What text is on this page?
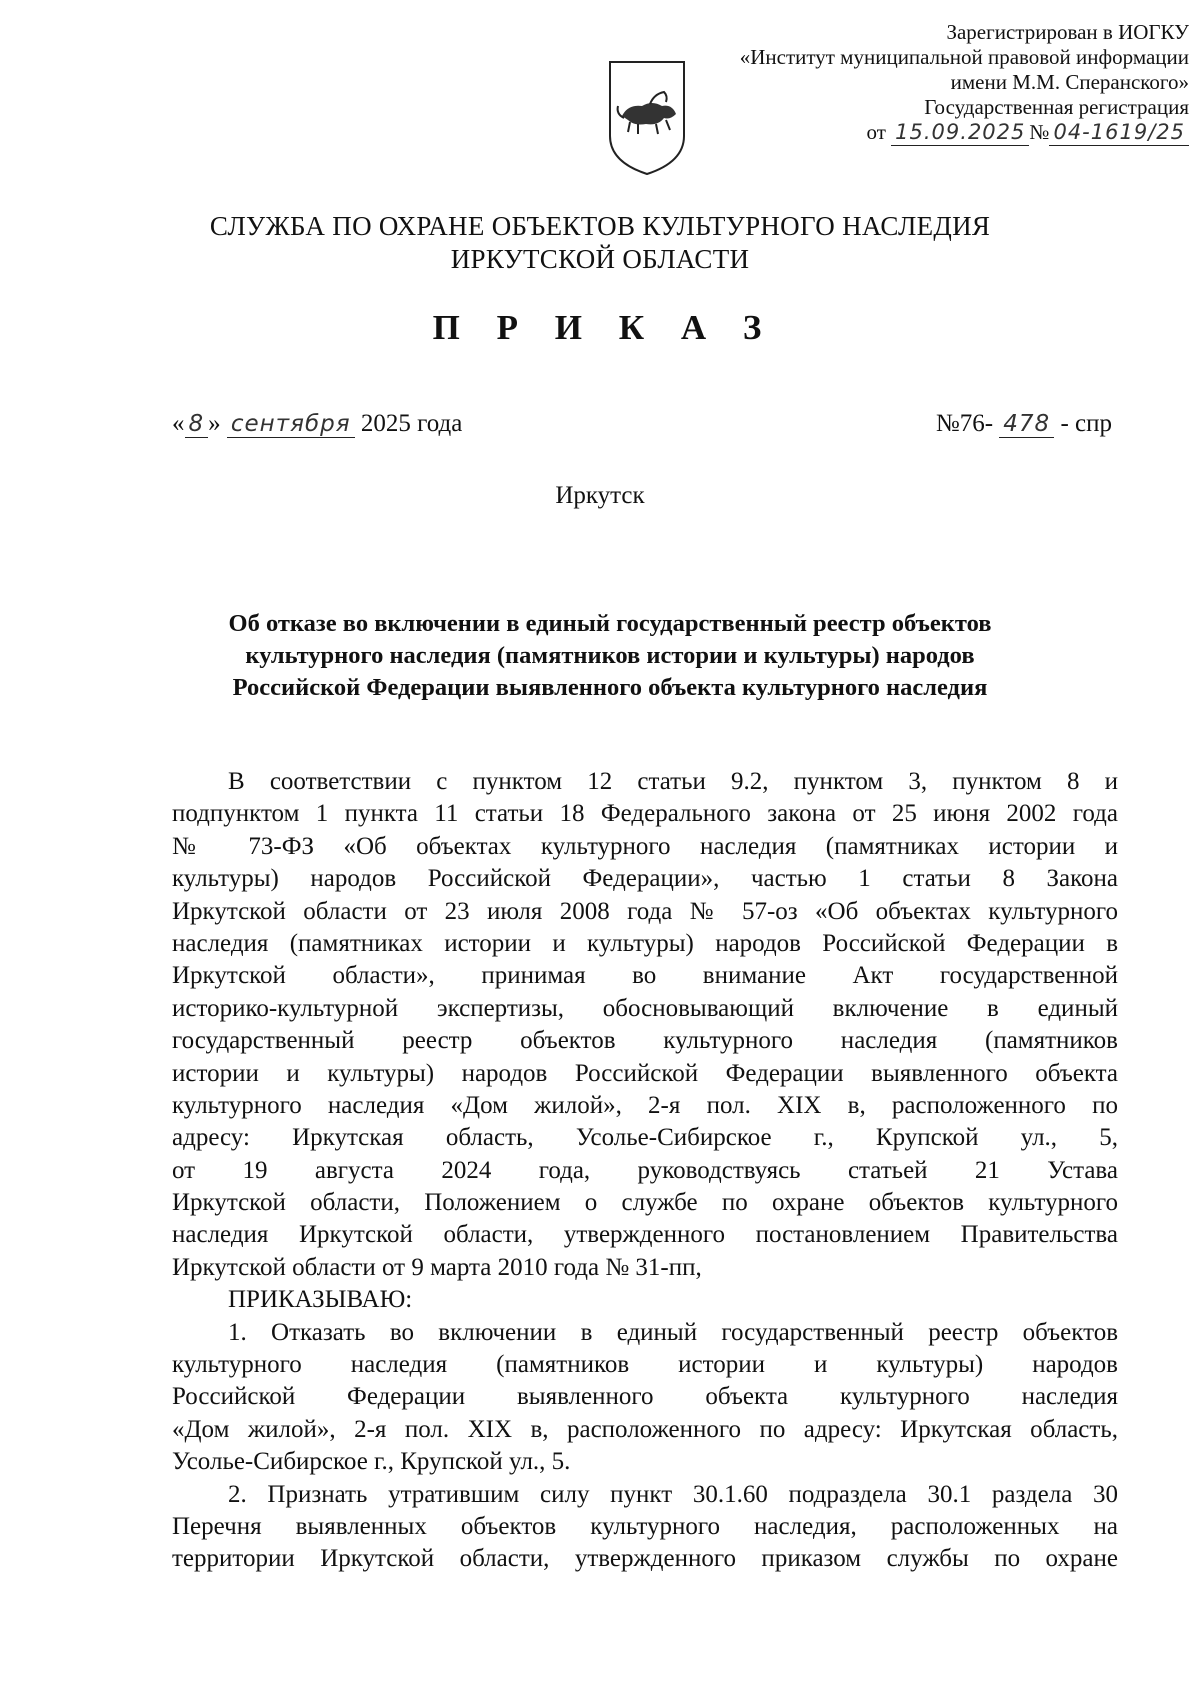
Зарегистрирован в ИОГКУ
«Институт муниципальной правовой информации
имени М.М. Сперанского»
Государственная регистрация
от 15.09.2025 № 04-1619/25
СЛУЖБА ПО ОХРАНЕ ОБЪЕКТОВ КУЛЬТУРНОГО НАСЛЕДИЯ
ИРКУТСКОЙ ОБЛАСТИ
П Р И К А З
« 8 » сентября 2025 года	№76- 478 - спр
Иркутск
Об отказе во включении в единый государственный реестр объектов
культурного наследия (памятников истории и культуры) народов
Российской Федерации выявленного объекта культурного наследия
В соответствии с пунктом 12 статьи 9.2, пунктом 3, пунктом 8 и
подпунктом 1 пункта 11 статьи 18 Федерального закона от 25 июня 2002 года
№ 73-ФЗ «Об объектах культурного наследия (памятниках истории и
культуры) народов Российской Федерации», частью 1 статьи 8 Закона
Иркутской области от 23 июля 2008 года № 57-оз «Об объектах культурного
наследия (памятниках истории и культуры) народов Российской Федерации в
Иркутской области», принимая во внимание Акт государственной
историко-культурной экспертизы, обосновывающий включение в единый
государственный реестр объектов культурного наследия (памятников
истории и культуры) народов Российской Федерации выявленного объекта
культурного наследия «Дом жилой», 2-я пол. XIX в, расположенного по
адресу: Иркутская область, Усолье-Сибирское г., Крупской ул., 5,
от 19 августа 2024 года, руководствуясь статьей 21 Устава
Иркутской области, Положением о службе по охране объектов культурного
наследия Иркутской области, утвержденного постановлением Правительства
Иркутской области от 9 марта 2010 года № 31-пп,
ПРИКАЗЫВАЮ:
1. Отказать во включении в единый государственный реестр объектов
культурного наследия (памятников истории и культуры) народов
Российской Федерации выявленного объекта культурного наследия
«Дом жилой», 2-я пол. XIX в, расположенного по адресу: Иркутская область,
Усолье-Сибирское г., Крупской ул., 5.
2. Признать утратившим силу пункт 30.1.60 подраздела 30.1 раздела 30
Перечня выявленных объектов культурного наследия, расположенных на
территории Иркутской области, утвержденного приказом службы по охране
